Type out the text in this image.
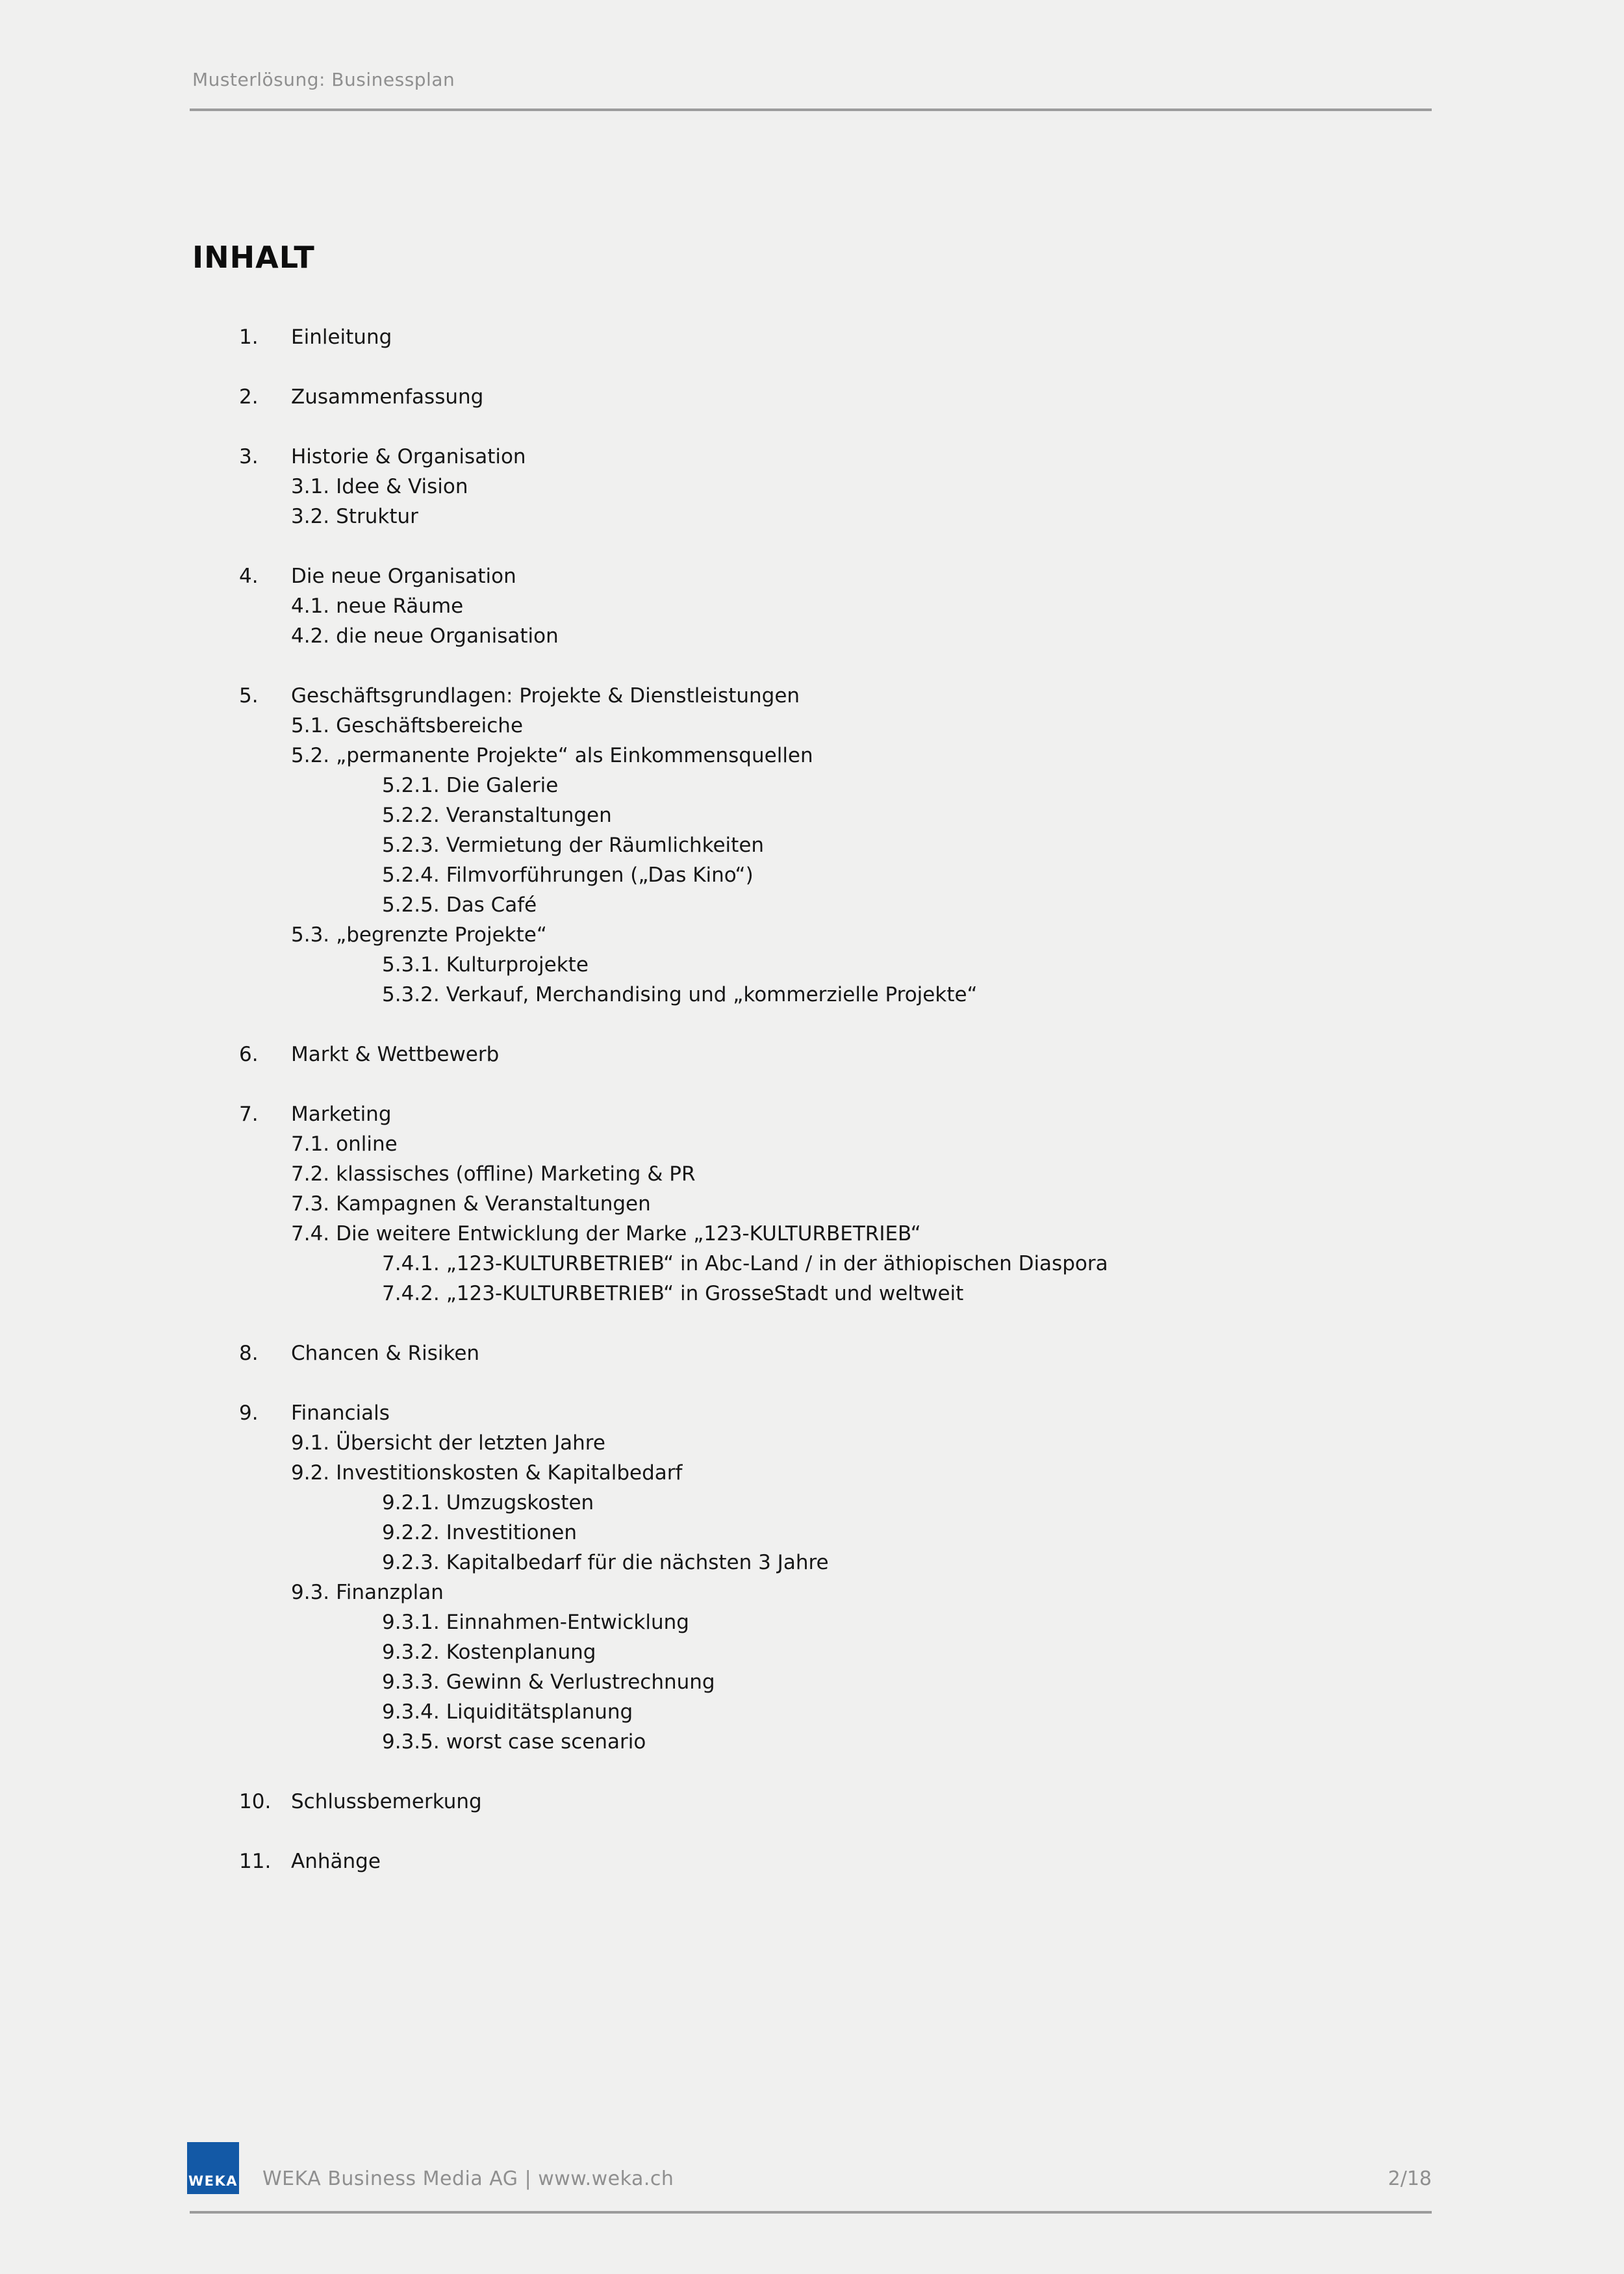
Musterlösung: Businessplan
INHALT
1.	Einleitung
2.	Zusammenfassung
3.	Historie & Organisation
3.1. Idee & Vision
3.2. Struktur
4.	Die neue Organisation
4.1. neue Räume
4.2. die neue Organisation
5.	Geschäftsgrundlagen: Projekte & Dienstleistungen
5.1. Geschäftsbereiche
5.2. „permanente Projekte“ als Einkommensquellen
5.2.1. Die Galerie
5.2.2. Veranstaltungen
5.2.3. Vermietung der Räumlichkeiten
5.2.4. Filmvorführungen („Das Kino“)
5.2.5. Das Café
5.3. „begrenzte Projekte“
5.3.1. Kulturprojekte
5.3.2. Verkauf, Merchandising und „kommerzielle Projekte“
6.	Markt & Wettbewerb
7.	Marketing
7.1. online
7.2. klassisches (offline) Marketing & PR
7.3. Kampagnen & Veranstaltungen
7.4. Die weitere Entwicklung der Marke „123-KULTURBETRIEB“
7.4.1. „123-KULTURBETRIEB“ in Abc-Land / in der äthiopischen Diaspora
7.4.2. „123-KULTURBETRIEB“ in GrosseStadt und weltweit
8.	Chancen & Risiken
9.	Financials
9.1. Übersicht der letzten Jahre
9.2. Investitionskosten & Kapitalbedarf
9.2.1. Umzugskosten
9.2.2. Investitionen
9.2.3. Kapitalbedarf für die nächsten 3 Jahre
9.3. Finanzplan
9.3.1. Einnahmen-Entwicklung
9.3.2. Kostenplanung
9.3.3. Gewinn & Verlustrechnung
9.3.4. Liquiditätsplanung
9.3.5. worst case scenario
10. Schlussbemerkung
11. Anhänge
WEKA WEKA Business Media AG | www.weka.ch	2/18
